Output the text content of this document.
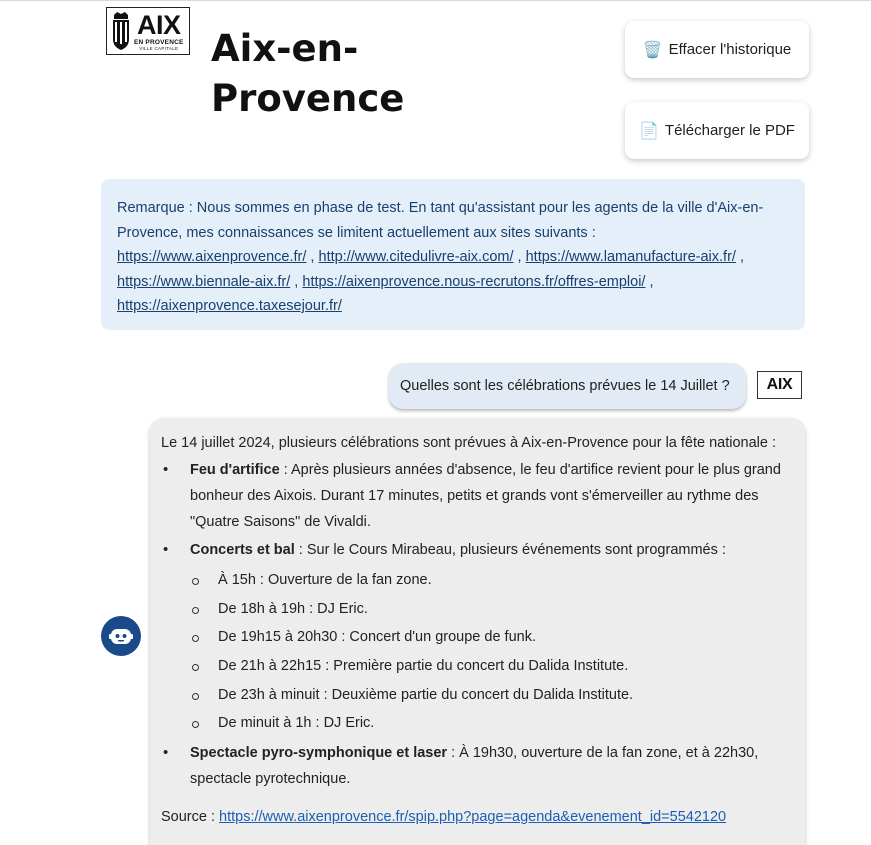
AIX
EN PROVENCE
VILLE CAPITALE Aix-en-Provence
🗑️ Effacer l'historique
📄 Télécharger le PDF
Remarque : Nous sommes en phase de test. En tant qu'assistant pour les agents de la ville d'Aix-en-Provence, mes connaissances se limitent actuellement aux sites suivants : https://www.aixenprovence.fr/ , http://www.citedulivre-aix.com/ , https://www.lamanufacture-aix.fr/ , https://www.biennale-aix.fr/ , https://aixenprovence.nous-recrutons.fr/offres-emploi/ , https://aixenprovence.taxesejour.fr/
Quelles sont les célébrations prévues le 14 Juillet ? AIX

Le 14 juillet 2024, plusieurs célébrations sont prévues à Aix-en-Provence pour la fête nationale :

• Feu d'artifice : Après plusieurs années d'absence, le feu d'artifice revient pour le plus grand bonheur des Aixois. Durant 17 minutes, petits et grands vont s'émerveiller au rythme des "Quatre Saisons" de Vivaldi.
• Concerts et bal : Sur le Cours Mirabeau, plusieurs événements sont programmés :
À 15h : Ouverture de la fan zone.
De 18h à 19h : DJ Eric.
De 19h15 à 20h30 : Concert d'un groupe de funk.
De 21h à 22h15 : Première partie du concert du Dalida Institute.
De 23h à minuit : Deuxième partie du concert du Dalida Institute.
De minuit à 1h : DJ Eric.
• Spectacle pyro-symphonique et laser : À 19h30, ouverture de la fan zone, et à 22h30, spectacle pyrotechnique.

Source : https://www.aixenprovence.fr/spip.php?page=agenda&evenement_id=5542120
